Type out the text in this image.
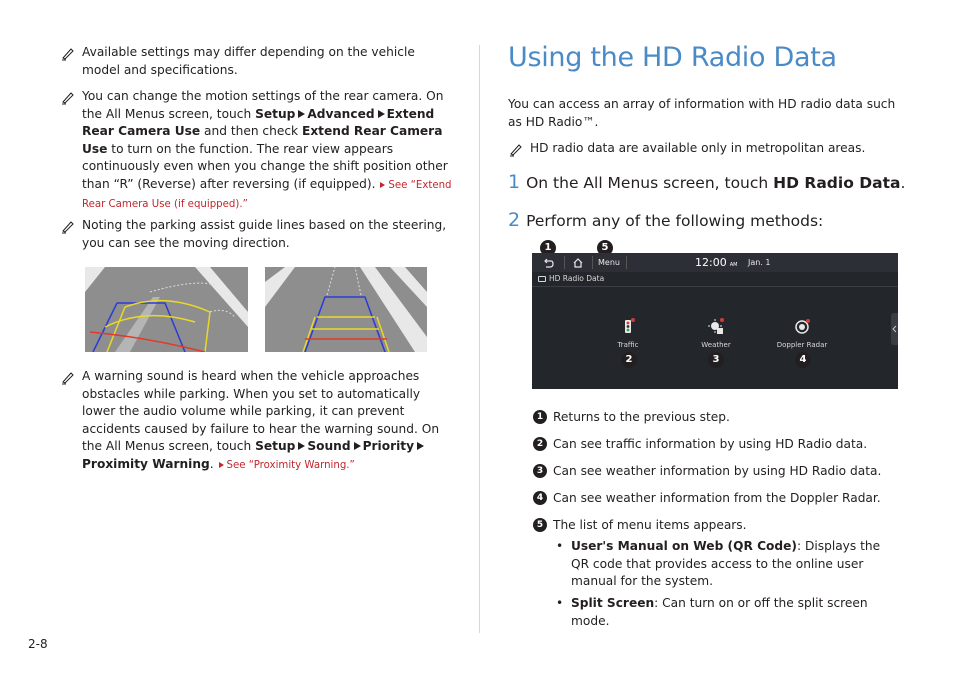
Available settings may differ depending on the vehicle model and specifications.
You can change the motion settings of the rear camera. On the All Menus screen, touch Setup Advanced Extend Rear Camera Use and then check Extend Rear Camera Use to turn on the function. The rear view appears continuously even when you change the shift position other than “R” (Reverse) after reversing (if equipped). See “Extend Rear Camera Use (if equipped).”
Noting the parking assist guide lines based on the steering, you can see the moving direction.
A warning sound is heard when the vehicle approaches obstacles while parking. When you set to automatically lower the audio volume while parking, it can prevent accidents caused by failure to hear the warning sound. On the All Menus screen, touch Setup Sound PriorityProximity Warning. See “Proximity Warning.”
Using the HD Radio Data
You can access an array of information with HD radio data such as HD Radio™.
HD radio data are available only in metropolitan areas.
1 On the All Menus screen, touch HD Radio Data.
2 Perform any of the following methods:
1	5
Menu	12:00 AM Jan. 1
HD Radio Data
Traffic	Weather	Doppler Radar
2	3	4
1 Returns to the previous step.
2 Can see traffic information by using HD Radio data.
3 Can see weather information by using HD Radio data.
4 Can see weather information from the Doppler Radar.
5 The list of menu items appears.
• User's Manual on Web (QR Code): Displays the QR code that provides access to the online user manual for the system.
• Split Screen: Can turn on or off the split screen mode.
2-8
